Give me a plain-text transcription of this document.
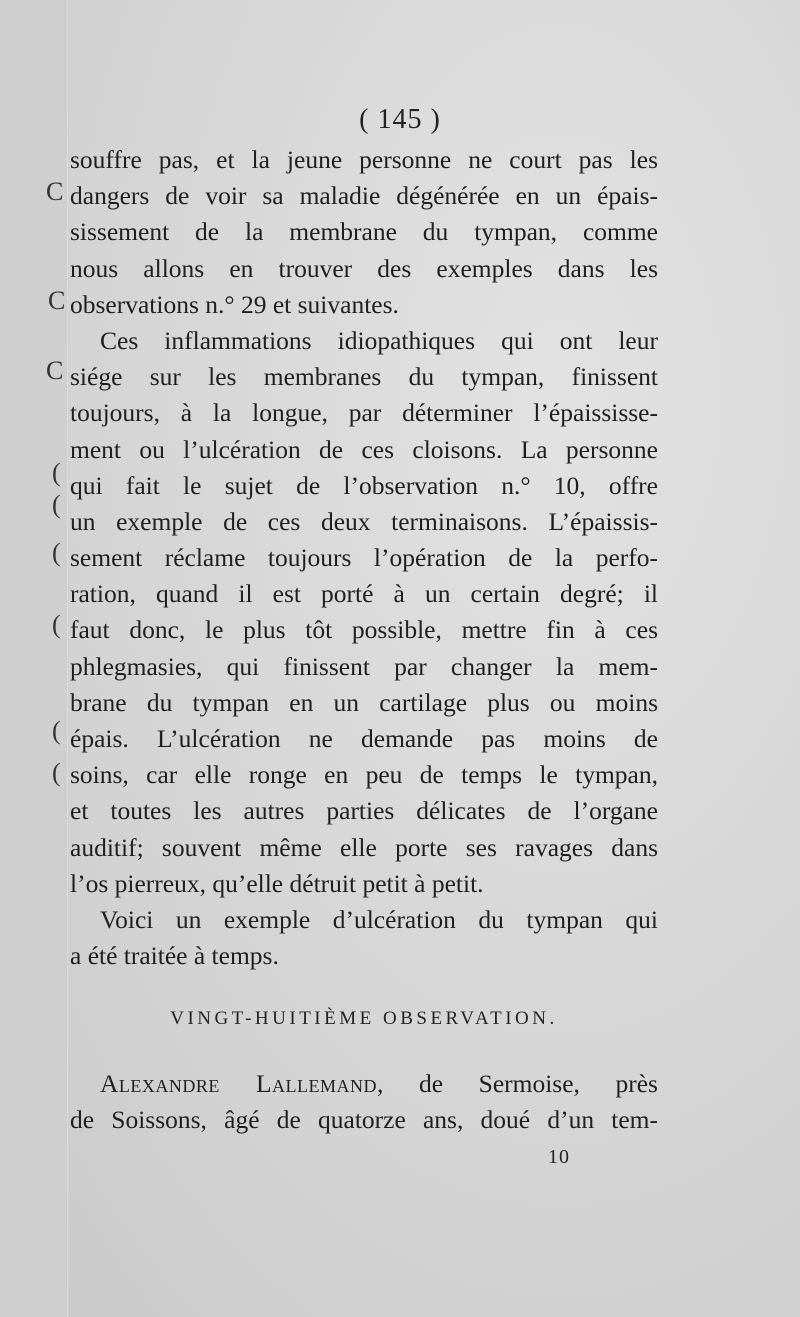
C
C
C
(
(
(
(
(
(
( 145 )
souffre pas, et la jeune personne ne court pas les
dangers de voir sa maladie dégénérée en un épais-
sissement de la membrane du tympan, comme
nous allons en trouver des exemples dans les
observations n.° 29 et suivantes.
Ces inflammations idiopathiques qui ont leur
siége sur les membranes du tympan, finissent
toujours, à la longue, par déterminer l’épaississe-
ment ou l’ulcération de ces cloisons. La personne
qui fait le sujet de l’observation n.° 10, offre
un exemple de ces deux terminaisons. L’épaissis-
sement réclame toujours l’opération de la perfo-
ration, quand il est porté à un certain degré; il
faut donc, le plus tôt possible, mettre fin à ces
phlegmasies, qui finissent par changer la mem-
brane du tympan en un cartilage plus ou moins
épais. L’ulcération ne demande pas moins de
soins, car elle ronge en peu de temps le tympan,
et toutes les autres parties délicates de l’organe
auditif; souvent même elle porte ses ravages dans
l’os pierreux, qu’elle détruit petit à petit.
Voici un exemple d’ulcération du tympan qui
a été traitée à temps.
VINGT-HUITIÈME OBSERVATION.
Alexandre Lallemand, de Sermoise, près
de Soissons, âgé de quatorze ans, doué d’un tem-
10
